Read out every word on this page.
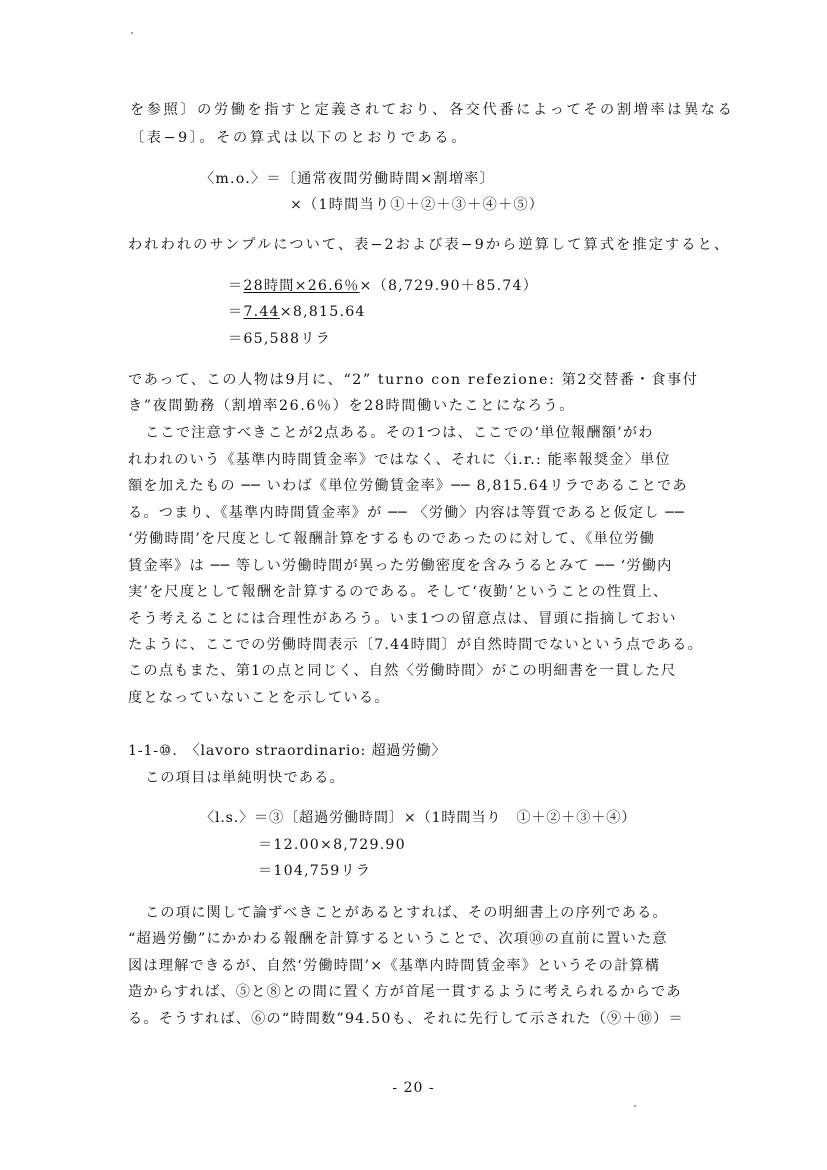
を参照〕の労働を指すと定義されており、各交代番によってその割増率は異なる
〔表−9〕。その算式は以下のとおりである。
〈m.o.〉＝〔通常夜間労働時間×割増率〕
×（1時間当り①＋②＋③＋④＋⑤）
われわれのサンプルについて、表−2および表−9から逆算して算式を推定すると、
＝28時間×26.6％×（8,729.90＋85.74）
＝7.44×8,815.64
＝65,588リラ
であって、この人物は9月に、“2” turno con refezione: 第2交替番・食事付
き”夜間勤務（割増率26.6％）を28時間働いたことになろう。
ここで注意すべきことが2点ある。その1つは、ここでの‘単位報酬額’がわ
れわれのいう《基準内時間賃金率》ではなく、それに〈i.r.: 能率報奨金〉単位
額を加えたもの ── いわば《単位労働賃金率》── 8,815.64リラであることであ
る。つまり、《基準内時間賃金率》が ── 〈労働〉内容は等質であると仮定し ──
‘労働時間’を尺度として報酬計算をするものであったのに対して、《単位労働
賃金率》は ── 等しい労働時間が異った労働密度を含みうるとみて ── ‘労働内
実’を尺度として報酬を計算するのである。そして‘夜勤’ということの性質上、
そう考えることには合理性があろう。いま1つの留意点は、冒頭に指摘しておい
たように、ここでの労働時間表示〔7.44時間〕が自然時間でないという点である。
この点もまた、第1の点と同じく、自然〈労働時間〉がこの明細書を一貫した尺
度となっていないことを示している。
1-1-⑩.　〈lavoro straordinario: 超過労働〉
この項目は単純明快である。
〈l.s.〉＝③〔超過労働時間〕×（1時間当り　①＋②＋③＋④）
＝12.00×8,729.90
＝104,759リラ
この項に関して論ずべきことがあるとすれば、その明細書上の序列である。
“超過労働”にかかわる報酬を計算するということで、次項⑩の直前に置いた意
図は理解できるが、自然‘労働時間’×《基準内時間賃金率》というその計算構
造からすれば、⑤と⑧との間に置く方が首尾一貫するように考えられるからであ
る。そうすれば、⑥の“時間数”94.50も、それに先行して示された（⑨＋⑩）＝
- 20 -
